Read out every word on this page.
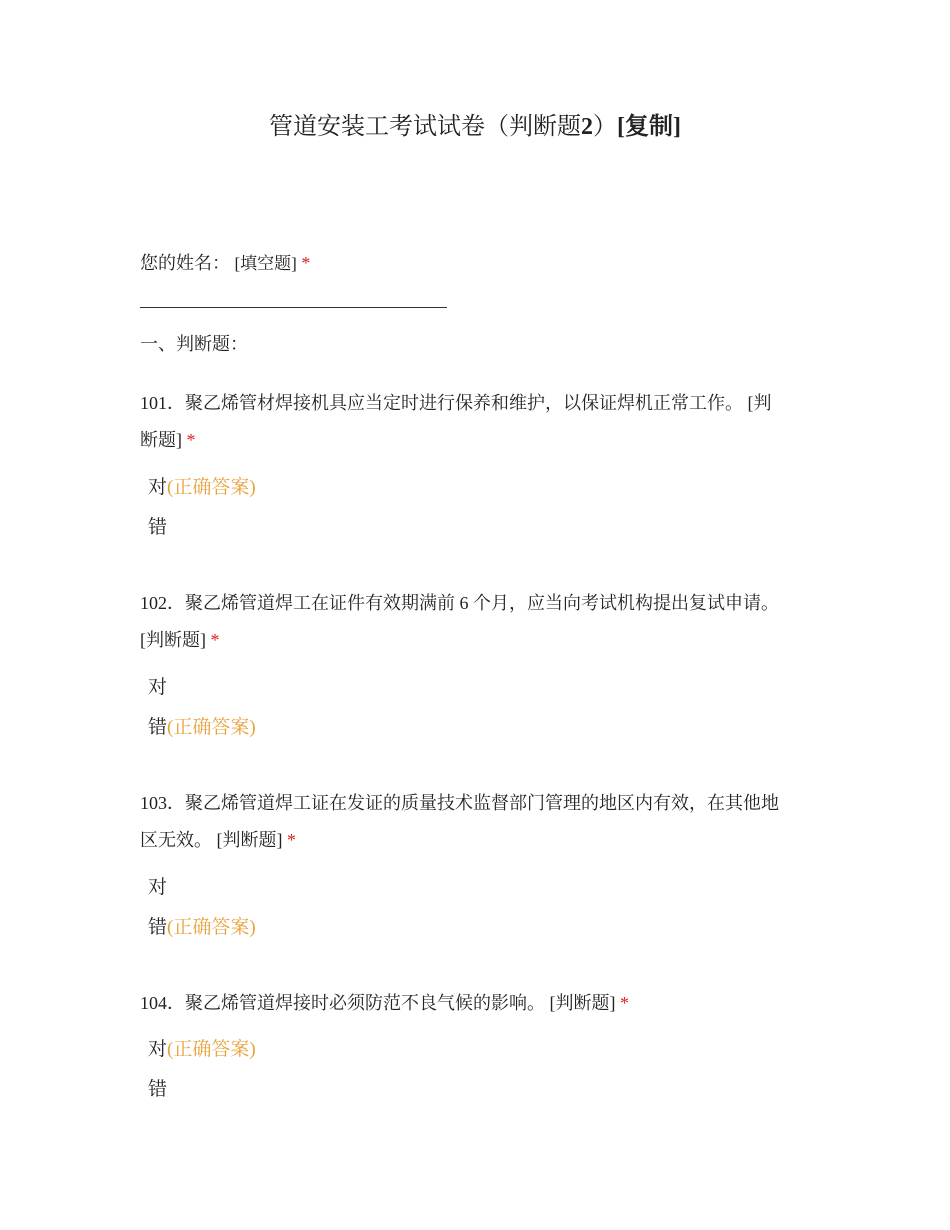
管道安装工考试试卷（判断题2）[复制]
您的姓名： [填空题] *
一、判断题：
101．聚乙烯管材焊接机具应当定时进行保养和维护，以保证焊机正常工作。 [判
断题] *
对(正确答案)
错
102．聚乙烯管道焊工在证件有效期满前 6 个月，应当向考试机构提出复试申请。
[判断题] *
对
错(正确答案)
103．聚乙烯管道焊工证在发证的质量技术监督部门管理的地区内有效，在其他地
区无效。 [判断题] *
对
错(正确答案)
104．聚乙烯管道焊接时必须防范不良气候的影响。 [判断题] *
对(正确答案)
错
